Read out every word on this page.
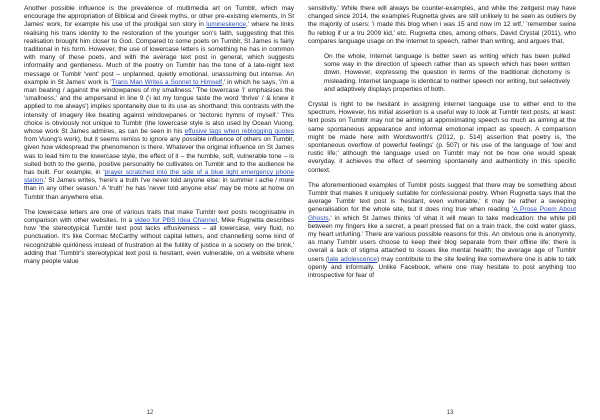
Another possible influence is the prevalence of multimedia art on Tumblr, which may encourage the appropriation of Biblical and Greek myths, or other pre-existing elements, in St James' work, for example his use of the prodigal son story in lumineskence,' where he links realising his trans identity to the restoration of the younger son's faith, suggesting that this realisation brought him closer to God. Compared to some poets on Tumblr, St James is fairly traditional in his form. However, the use of lowercase letters is something he has in common with many of these poets, and with the average text post in general, which suggests informality and gentleness. Much of the poetry on Tumblr has the tone of a late-night text message or Tumblr 'vent' post – unplanned, quietly emotional, unassuming but intense. An example in St James' work is 'Trans Man Writes a Sonnet to Himself,' in which he says, 'i'm a man beating / against the windowpanes of my smallness.' The lowercase 'i' emphasises the 'smallness,' and the ampersand in line 9 ('i let my tongue taste the word 'thrive' / & knew it applied to me always') implies spontaneity due to its use as shorthand; this contrasts with the intensity of imagery like beating against windowpanes or 'tectonic hymns of myself.' This choice is obviously not unique to Tumblr (the lowercase style is also used by Ocean Vuong, whose work St James admires, as can be seen in his effusive tags when reblogging quotes from Vuong's work), but it seems remiss to ignore any possible influence of others on Tumblr, given how widespread the phenomenon is there. Whatever the original influence on St James was to lead him to the lowercase style, the effect of it – the humble, soft, vulnerable tone – is suited both to the gentle, positive personality he cultivates on Tumblr and to the audience he has built. For example, in 'prayer scratched into the side of a blue light emergency phone station,' St James writes, 'here's a truth i've never told anyone else: in summer i ache / more than in any other season.' A 'truth' he has 'never told anyone else' may be more at home on Tumblr than anywhere else.

The lowercase letters are one of various traits that make Tumblr text posts recognisable in comparison with other websites. In a video for PBS Idea Channel, Mike Rugnetta describes how 'the stereotypical Tumblr text post lacks effusiveness – all lowercase, very fluid, no punctuation. It's like Cormac McCarthy without capital letters, and channelling some kind of recognizable quirkiness instead of frustration at the futility of justice in a society on the brink,' adding that 'Tumblr's stereotypical text post is hesitant, even vulnerable, on a website where many people value

12

sensitivity.' While there will always be counter-examples, and while the zeitgeist may have changed since 2014, the examples Rugnetta gives are still unlikely to be seen as outliers by the majority of users: 'i made this blog when i was 15 and now im 12 wtf,' 'remember swine flu reblog if ur a tru 2009 kid,' etc. Rugnetta cites, among others, David Crystal (2011), who compares language usage on the internet to speech, rather than writing, and argues that,

On the whole, Internet language is better seen as writing which has been pulled some way in the direction of speech rather than as speech which has been written down. However, expressing the question in terms of the traditional dichotomy is misleading. Internet language is identical to neither speech nor writing, but selectively and adaptively displays properties of both.

Crystal is right to be hesitant in assigning internet language use to either end to the spectrum. However, his initial assertion is a useful way to look at Tumblr text posts, at least: text posts on Tumblr may not be aiming at approximating speech so much as aiming at the same spontaneous appearance and informal emotional impact as speech. A comparison might be made here with Wordsworth's (2012, p. 514) assertion that poetry is, 'the spontaneous overflow of powerful feelings' (p. 507) or his use of the language of 'low and rustic life;' although the language used on Tumblr may not be how one would speak everyday, it achieves the effect of seeming spontaneity and authenticity in this specific context.

The aforementioned examples of Tumblr posts suggest that there may be something about Tumblr that makes it uniquely suitable for confessional poetry. When Rugnetta says that the average Tumblr text post is 'hesitant, even vulnerable,' it may be rather a sweeping generalisation for the whole site, but it does ring true when reading 'A Prose Poem About Ghosts,' in which St James thinks 'of what it will mean to take medication: the white pill between my fingers like a secret, a pearl pressed flat on a train track, the cold water glass, my heart unfurling.' There are various possible reasons for this. An obvious one is anonymity, as many Tumblr users choose to keep their blog separate from their offline life; there is overall a lack of stigma attached to issues like mental health; the average age of Tumblr users (late adolescence) may contribute to the site feeling like somewhere one is able to talk openly and informally. Unlike Facebook, where one may hesitate to post anything too introspective for fear of

13
